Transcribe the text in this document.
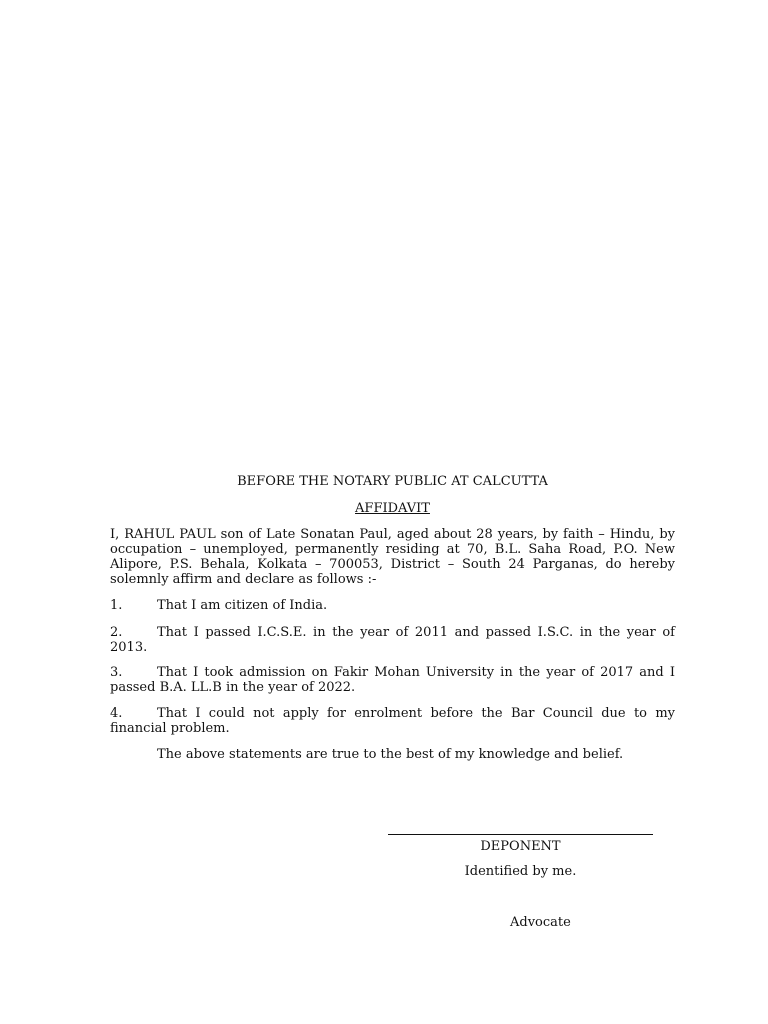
BEFORE THE NOTARY PUBLIC AT CALCUTTA
AFFIDAVIT
I, RAHUL PAUL son of Late Sonatan Paul, aged about 28 years, by faith – Hindu, by occupation – unemployed, permanently residing at 70, B.L. Saha Road, P.O. New Alipore, P.S. Behala, Kolkata – 700053, District – South 24 Parganas, do hereby solemnly affirm and declare as follows :-
1.	That I am citizen of India.
2.	That I passed I.C.S.E. in the year of 2011 and passed I.S.C. in the year of 2013.
3.	That I took admission on Fakir Mohan University in the year of 2017 and I passed B.A. LL.B in the year of 2022.
4.	That I could not apply for enrolment before the Bar Council due to my financial problem.
The above statements are true to the best of my knowledge and belief.
DEPONENT
Identified by me.
Advocate
